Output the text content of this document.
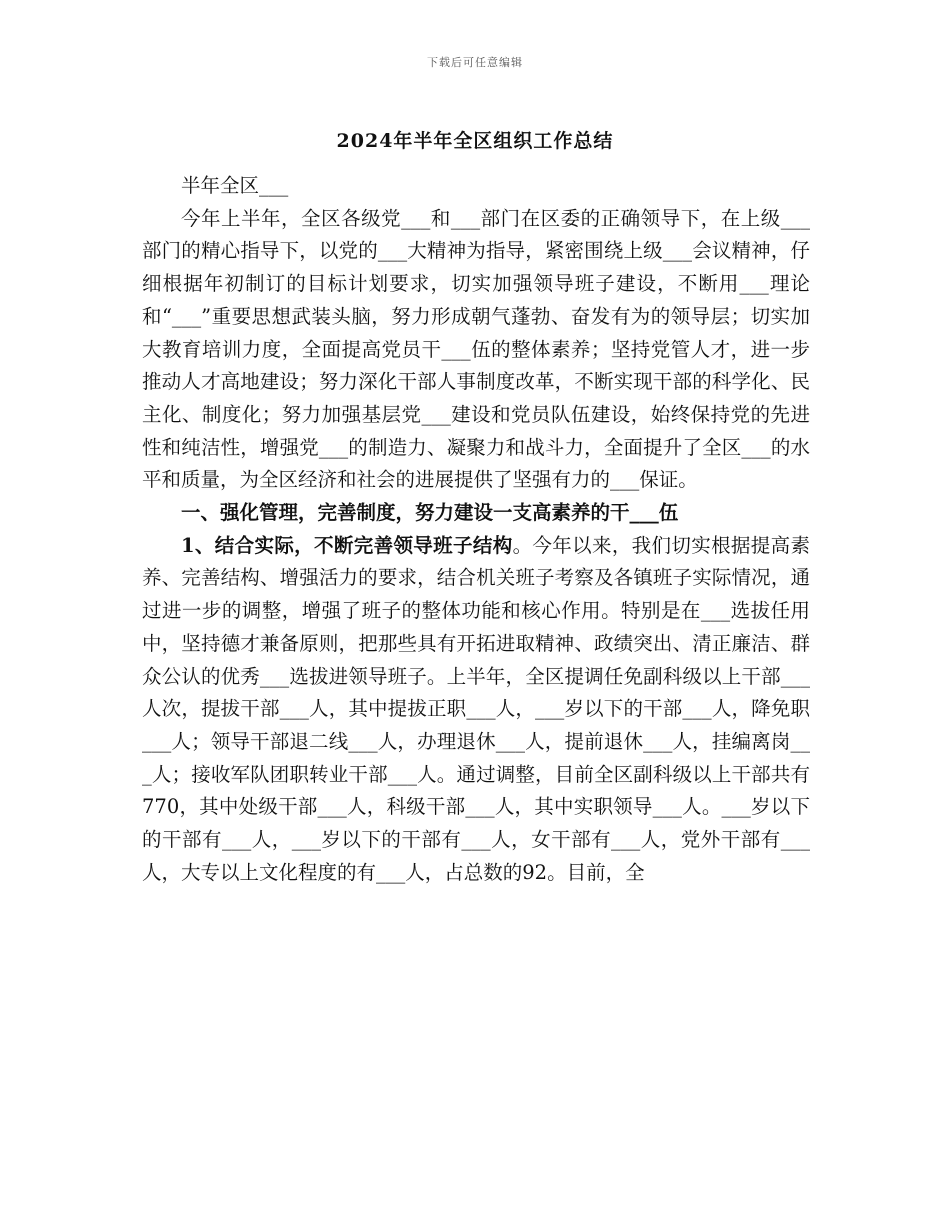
下载后可任意编辑
2024年半年全区组织工作总结

半年全区___

今年上半年，全区各级党___和___部门在区委的正确领导下，在上级___部门的精心指导下，以党的___大精神为指导，紧密围绕上级___会议精神，仔细根据年初制订的目标计划要求，切实加强领导班子建设，不断用___理论和“___”重要思想武装头脑，努力形成朝气蓬勃、奋发有为的领导层；切实加大教育培训力度，全面提高党员干___伍的整体素养；坚持党管人才，进一步推动人才高地建设；努力深化干部人事制度改革，不断实现干部的科学化、民主化、制度化；努力加强基层党___建设和党员队伍建设，始终保持党的先进性和纯洁性，增强党___的制造力、凝聚力和战斗力，全面提升了全区___的水平和质量，为全区经济和社会的进展提供了坚强有力的___保证。

一、强化管理，完善制度，努力建设一支高素养的干___伍

1、结合实际，不断完善领导班子结构。今年以来，我们切实根据提高素养、完善结构、增强活力的要求，结合机关班子考察及各镇班子实际情况，通过进一步的调整，增强了班子的整体功能和核心作用。特别是在___选拔任用中，坚持德才兼备原则，把那些具有开拓进取精神、政绩突出、清正廉洁、群众公认的优秀___选拔进领导班子。上半年，全区提调任免副科级以上干部___人次，提拔干部___人，其中提拔正职___人，___岁以下的干部___人，降免职___人；领导干部退二线___人，办理退休___人，提前退休___人，挂编离岗___人；接收军队团职转业干部___人。通过调整，目前全区副科级以上干部共有770，其中处级干部___人，科级干部___人，其中实职领导___人。___岁以下的干部有___人，___岁以下的干部有___人，女干部有___人，党外干部有___人，大专以上文化程度的有___人，占总数的92。目前，全
